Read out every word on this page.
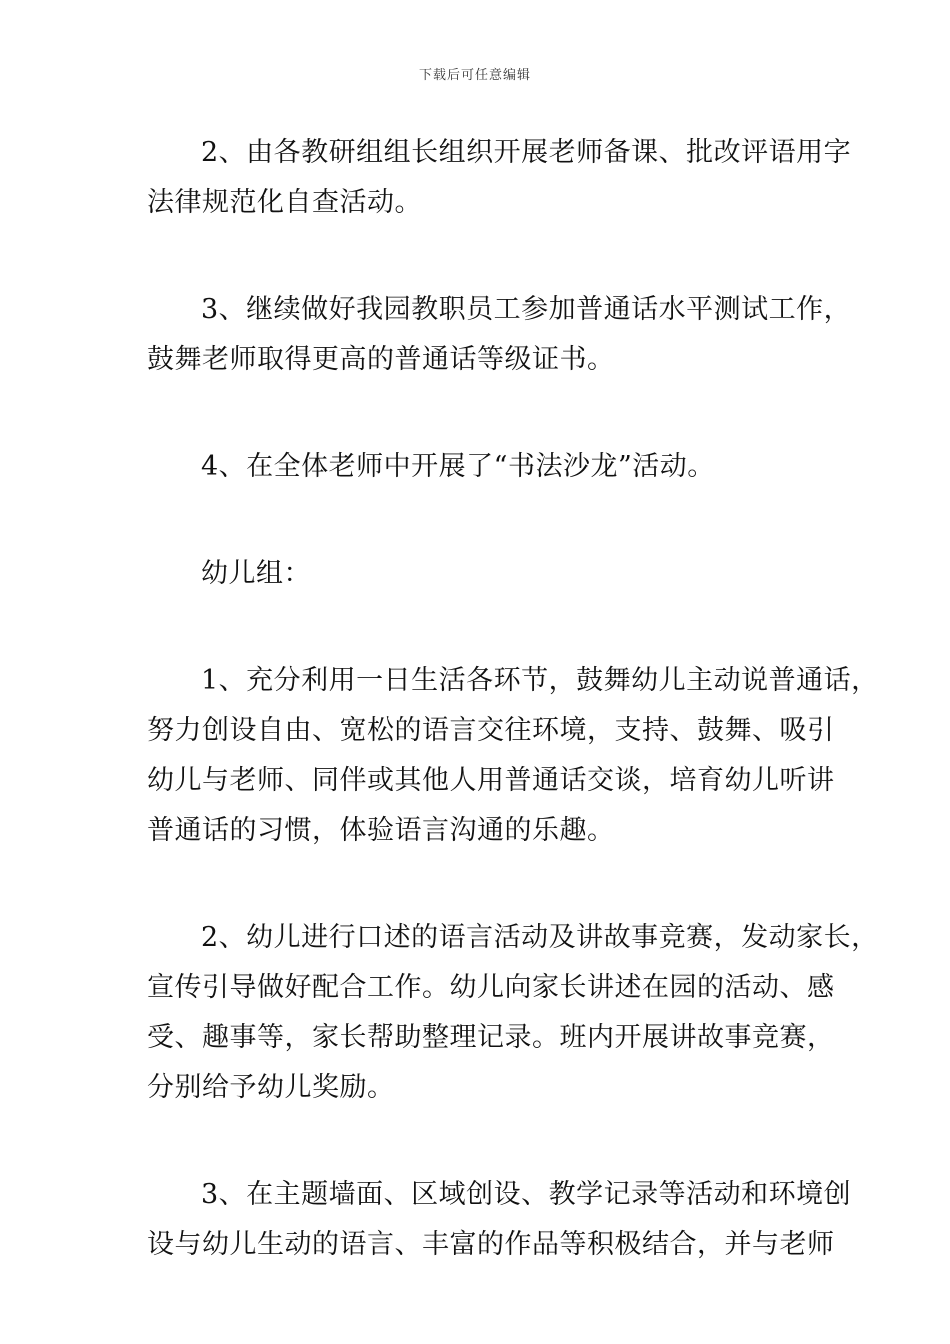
下载后可任意编辑
2、由各教研组组长组织开展老师备课、批改评语用字
法律规范化自查活动。
3、继续做好我园教职员工参加普通话水平测试工作，
鼓舞老师取得更高的普通话等级证书。
4、在全体老师中开展了“书法沙龙”活动。
幼儿组：
1、充分利用一日生活各环节，鼓舞幼儿主动说普通话，
努力创设自由、宽松的语言交往环境，支持、鼓舞、吸引
幼儿与老师、同伴或其他人用普通话交谈，培育幼儿听讲
普通话的习惯，体验语言沟通的乐趣。
2、幼儿进行口述的语言活动及讲故事竞赛，发动家长，
宣传引导做好配合工作。幼儿向家长讲述在园的活动、感
受、趣事等，家长帮助整理记录。班内开展讲故事竞赛，
分别给予幼儿奖励。
3、在主题墙面、区域创设、教学记录等活动和环境创
设与幼儿生动的语言、丰富的作品等积极结合，并与老师
